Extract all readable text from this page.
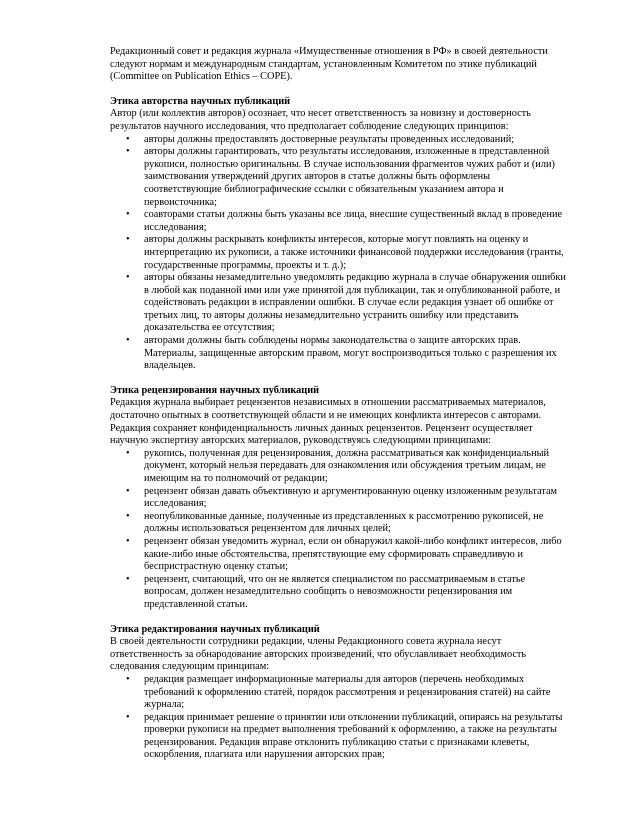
Редакционный совет и редакция журнала «Имущественные отношения в РФ» в своей деятельности следуют нормам и международным стандартам, установленным Комитетом по этике публикаций (Committee on Publication Ethics – COPE).

Этика авторства научных публикаций

Автор (или коллектив авторов) осознает, что несет ответственность за новизну и достоверность результатов научного исследования, что предполагает соблюдение следующих принципов:

• авторы должны предоставлять достоверные результаты проведенных исследований;
• авторы должны гарантировать, что результаты исследования, изложенные в представленной рукописи, полностью оригинальны. В случае использования фрагментов чужих работ и (или) заимствования утверждений других авторов в статье должны быть оформлены соответствующие библиографические ссылки с обязательным указанием автора и первоисточника;
• соавторами статьи должны быть указаны все лица, внесшие существенный вклад в проведение исследования;
• авторы должны раскрывать конфликты интересов, которые могут повлиять на оценку и интерпретацию их рукописи, а также источники финансовой поддержки исследования (гранты, государственные программы, проекты и т. д.);
• авторы обязаны незамедлительно уведомлять редакцию журнала в случае обнаружения ошибки в любой как поданной ими или уже принятой для публикации, так и опубликованной работе, и содействовать редакции в исправлении ошибки. В случае если редакция узнает об ошибке от третьих лиц, то авторы должны незамедлительно устранить ошибку или представить доказательства ее отсутствия;
• авторами должны быть соблюдены нормы законодательства о защите авторских прав. Материалы, защищенные авторским правом, могут воспроизводиться только с разрешения их владельцев.

Этика рецензирования научных публикаций

Редакция журнала выбирает рецензентов независимых в отношении рассматриваемых материалов, достаточно опытных в соответствующей области и не имеющих конфликта интересов с авторами. Редакция сохраняет конфиденциальность личных данных рецензентов. Рецензент осуществляет научную экспертизу авторских материалов, руководствуясь следующими принципами:

• рукопись, полученная для рецензирования, должна рассматриваться как конфиденциальный документ, который нельзя передавать для ознакомления или обсуждения третьим лицам, не имеющим на то полномочий от редакции;
• рецензент обязан давать объективную и аргументированную оценку изложенным результатам исследования;
• неопубликованные данные, полученные из представленных к рассмотрению рукописей, не должны использоваться рецензентом для личных целей;
• рецензент обязан уведомить журнал, если он обнаружил какой-либо конфликт интересов, либо какие-либо иные обстоятельства, препятствующие ему сформировать справедливую и беспристрастную оценку статьи;
• рецензент, считающий, что он не является специалистом по рассматриваемым в статье вопросам, должен незамедлительно сообщить о невозможности рецензирования им представленной статьи.

Этика редактирования научных публикаций

В своей деятельности сотрудники редакции, члены Редакционного совета журнала несут ответственность за обнародование авторских произведений, что обуславливает необходимость следования следующим принципам:

• редакция размещает информационные материалы для авторов (перечень необходимых требований к оформлению статей, порядок рассмотрения и рецензирования статей) на сайте журнала;
• редакция принимает решение о принятии или отклонении публикаций, опираясь на результаты проверки рукописи на предмет выполнения требований к оформлению, а также на результаты рецензирования. Редакция вправе отклонить публикацию статьи с признаками клеветы, оскорбления, плагиата или нарушения авторских прав;
